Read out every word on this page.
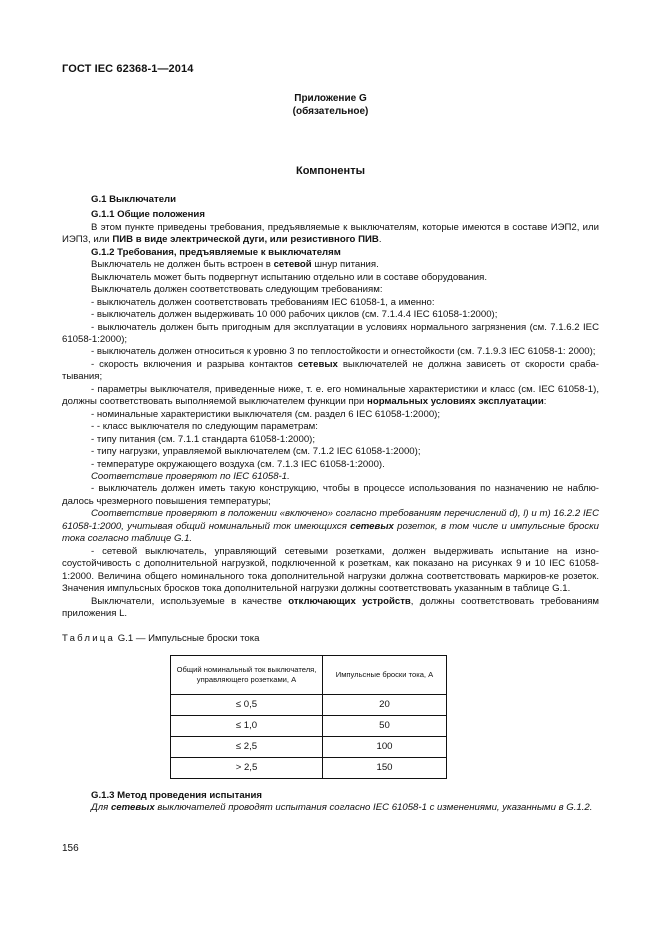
ГОСТ IEC 62368-1—2014
Приложение G
(обязательное)
Компоненты

G.1 Выключатели

G.1.1 Общие положения

В этом пункте приведены требования, предъявляемые к выключателям, которые имеются в составе ИЭП2, или ИЭП3, или ПИВ в виде электрической дуги, или резистивного ПИВ.

G.1.2 Требования, предъявляемые к выключателям

Выключатель не должен быть встроен в сетевой шнур питания.

Выключатель может быть подвергнут испытанию отдельно или в составе оборудования.

Выключатель должен соответствовать следующим требованиям:

- выключатель должен соответствовать требованиям IEC 61058-1, а именно:

- выключатель должен выдерживать 10 000 рабочих циклов (см. 7.1.4.4 IEC 61058-1:2000);

- выключатель должен быть пригодным для эксплуатации в условиях нормального загрязнения (см. 7.1.6.2 IEC 61058-1:2000);

- выключатель должен относиться к уровню 3 по теплостойкости и огнестойкости (см. 7.1.9.3 IEC 61058-1: 2000);

- скорость включения и разрыва контактов сетевых выключателей не должна зависеть от скорости сраба-тывания;

- параметры выключателя, приведенные ниже, т. е. его номинальные характеристики и класс (см. IEC 61058-1), должны соответствовать выполняемой выключателем функции при нормальных условиях эксплуатации:

- номинальные характеристики выключателя (см. раздел 6 IEC 61058-1:2000);

- - класс выключателя по следующим параметрам:

- типу питания (см. 7.1.1 стандарта 61058-1:2000);

- типу нагрузки, управляемой выключателем (см. 7.1.2 IEC 61058-1:2000);

- температуре окружающего воздуха (см. 7.1.3 IEC 61058-1:2000).

Соответствие проверяют по IEC 61058-1.

- выключатель должен иметь такую конструкцию, чтобы в процессе использования по назначению не наблю-далось чрезмерного повышения температуры;

Соответствие проверяют в положении «включено» согласно требованиям перечислений d), l) и m) 16.2.2 IEC 61058-1:2000, учитывая общий номинальный ток имеющихся сетевых розеток, в том числе и импульсные броски тока согласно таблице G.1.

- сетевой выключатель, управляющий сетевыми розетками, должен выдерживать испытание на изно-соустойчивость с дополнительной нагрузкой, подключенной к розеткам, как показано на рисунках 9 и 10 IEC 61058-1:2000. Величина общего номинального тока дополнительной нагрузки должна соответствовать маркиров-ке розеток. Значения импульсных бросков тока дополнительной нагрузки должны соответствовать указанным в таблице G.1.

Выключатели, используемые в качестве отключающих устройств, должны соответствовать требованиям приложения L.

Таблица G.1 — Импульсные броски тока

Общий номинальный ток выключателя, управляющего розетками, А	Импульсные броски тока, А
≤ 0,5	20
≤ 1,0	50
≤ 2,5	100
> 2,5	150

G.1.3 Метод проведения испытания

Для сетевых выключателей проводят испытания согласно IEC 61058-1 с изменениями, указанными в G.1.2.

156
